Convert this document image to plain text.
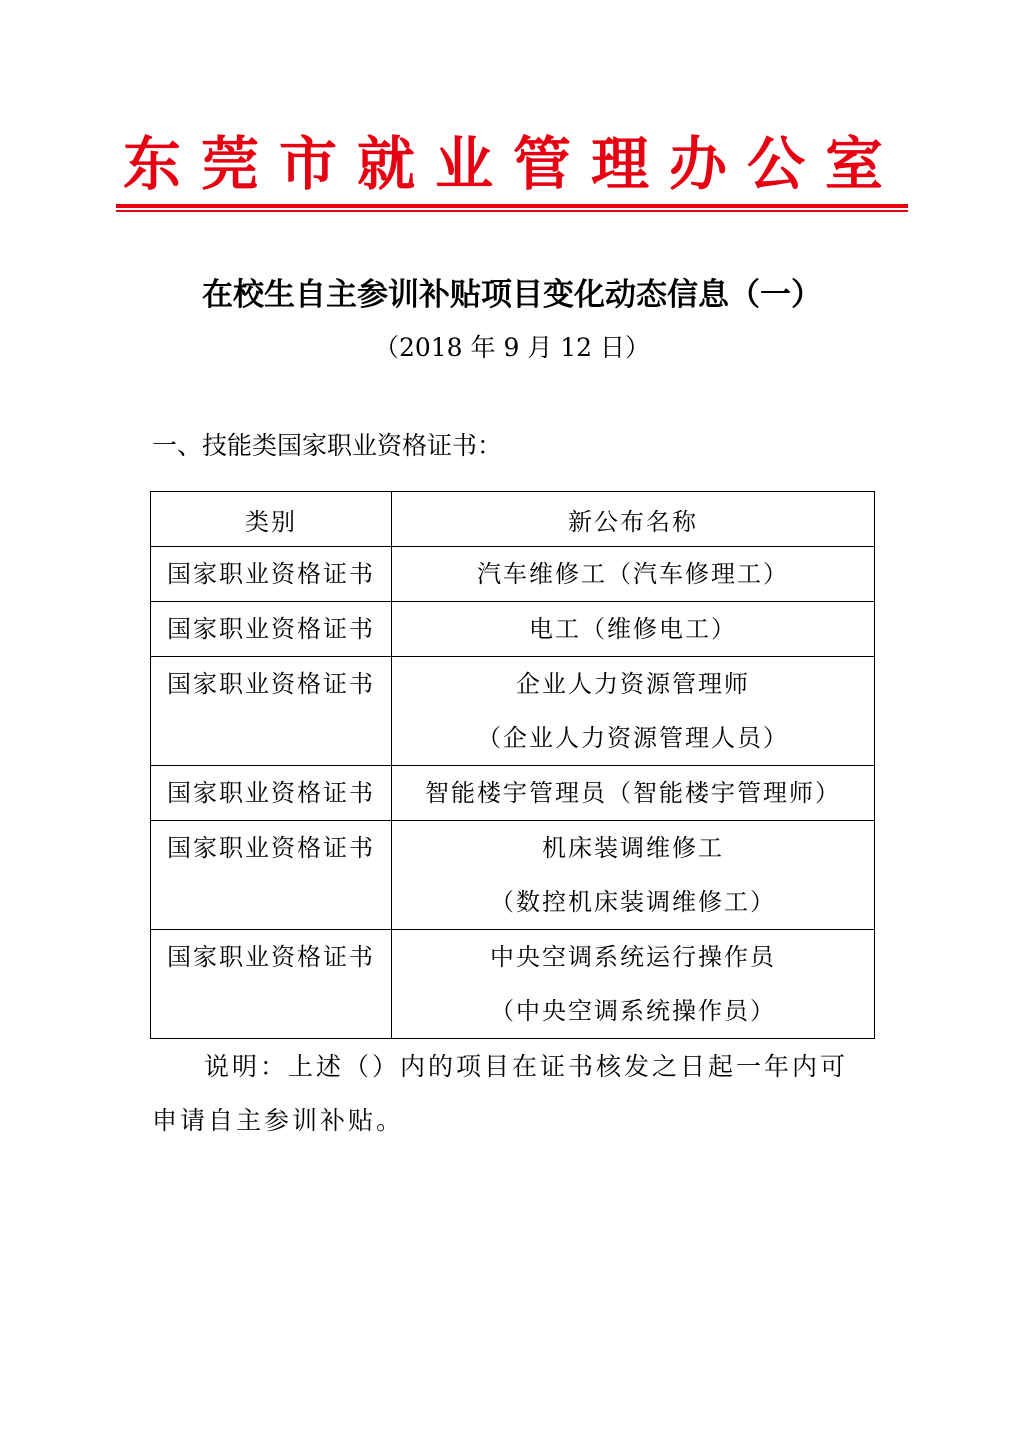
东莞市就业管理办公室
在校生自主参训补贴项目变化动态信息（一）
（2018 年 9 月 12 日）
一、技能类国家职业资格证书：
类别	新公布名称
国家职业资格证书	汽车维修工（汽车修理工）

国家职业资格证书	电工（维修电工）

国家职业资格证书	企业人力资源管理师
（企业人力资源管理人员）

国家职业资格证书	智能楼宇管理员（智能楼宇管理师）

国家职业资格证书	机床装调维修工
（数控机床装调维修工）

国家职业资格证书	中央空调系统运行操作员
（中央空调系统操作员）
说明：上述（）内的项目在证书核发之日起一年内可申请自主参训补贴。
